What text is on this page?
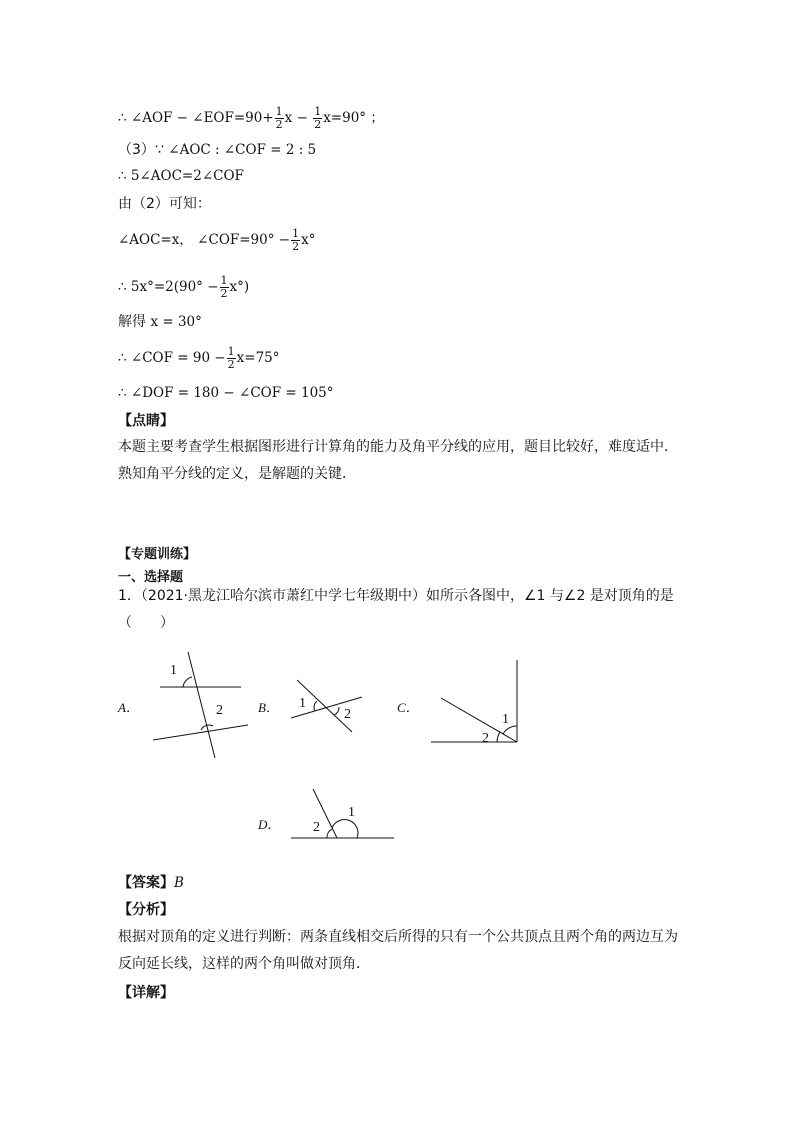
∴ ∠AOF − ∠EOF=90+ $\frac{1}{2}$ $x - \frac{1}{2} x=90^\circ$ ；
（3）∵ ∠AOC : ∠COF = 2 : 5
∴ 5∠AOC=2∠COF
由（2）可知：
∠AOC=x， ∠COF=90° − $\frac{1}{2} x^\circ$
∴ $5x^\circ=2(90^\circ - \frac{1}{2} x^\circ)$
解得 x = 30°
∴ ∠COF = $90 - \frac{1}{2} x=75^\circ$
∴ ∠DOF = 180 − ∠COF = 105°
【点睛】
本题主要考查学生根据图形进行计算角的能力及角平分线的应用，题目比较好，难度适中．熟知角平分线的定义，是解题的关键．
【专题训练】
一、选择题
1．（2021·黑龙江哈尔滨市萧红中学七年级期中）如所示各图中，∠1 与∠2 是对顶角的是
（　　）
A．	B．	C．
D．
1
2	1
2	1
2
1
2
【答案】B
【分析】
根据对顶角的定义进行判断：两条直线相交后所得的只有一个公共顶点且两个角的两边互为反向延长线，这样的两个角叫做对顶角．
【详解】
